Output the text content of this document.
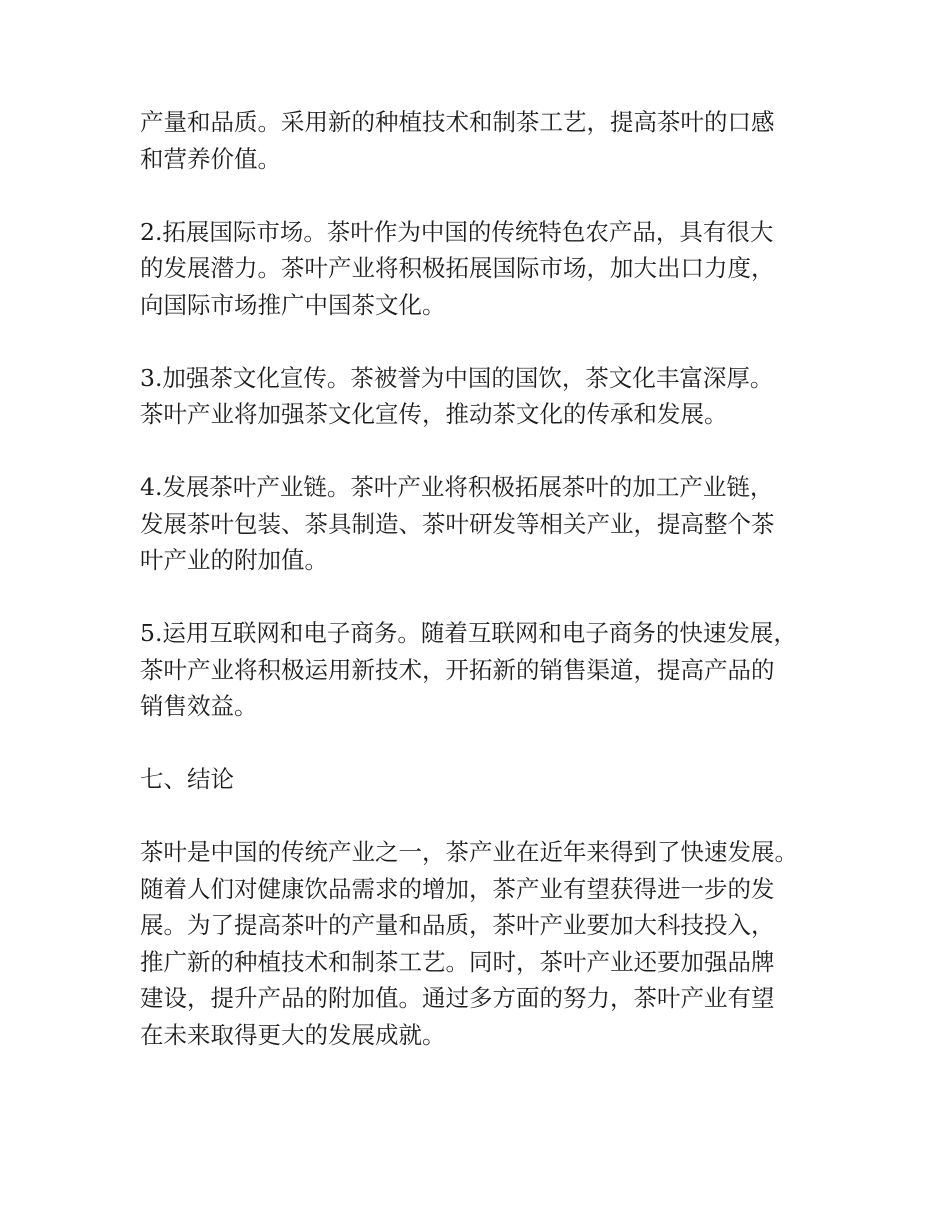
产量和品质。采用新的种植技术和制茶工艺，提高茶叶的口感
和营养价值。
2.拓展国际市场。茶叶作为中国的传统特色农产品，具有很大
的发展潜力。茶叶产业将积极拓展国际市场，加大出口力度，
向国际市场推广中国茶文化。
3.加强茶文化宣传。茶被誉为中国的国饮，茶文化丰富深厚。
茶叶产业将加强茶文化宣传，推动茶文化的传承和发展。
4.发展茶叶产业链。茶叶产业将积极拓展茶叶的加工产业链，
发展茶叶包装、茶具制造、茶叶研发等相关产业，提高整个茶
叶产业的附加值。
5.运用互联网和电子商务。随着互联网和电子商务的快速发展，
茶叶产业将积极运用新技术，开拓新的销售渠道，提高产品的
销售效益。
七、结论
茶叶是中国的传统产业之一，茶产业在近年来得到了快速发展。
随着人们对健康饮品需求的增加，茶产业有望获得进一步的发
展。为了提高茶叶的产量和品质，茶叶产业要加大科技投入，
推广新的种植技术和制茶工艺。同时，茶叶产业还要加强品牌
建设，提升产品的附加值。通过多方面的努力，茶叶产业有望
在未来取得更大的发展成就。
